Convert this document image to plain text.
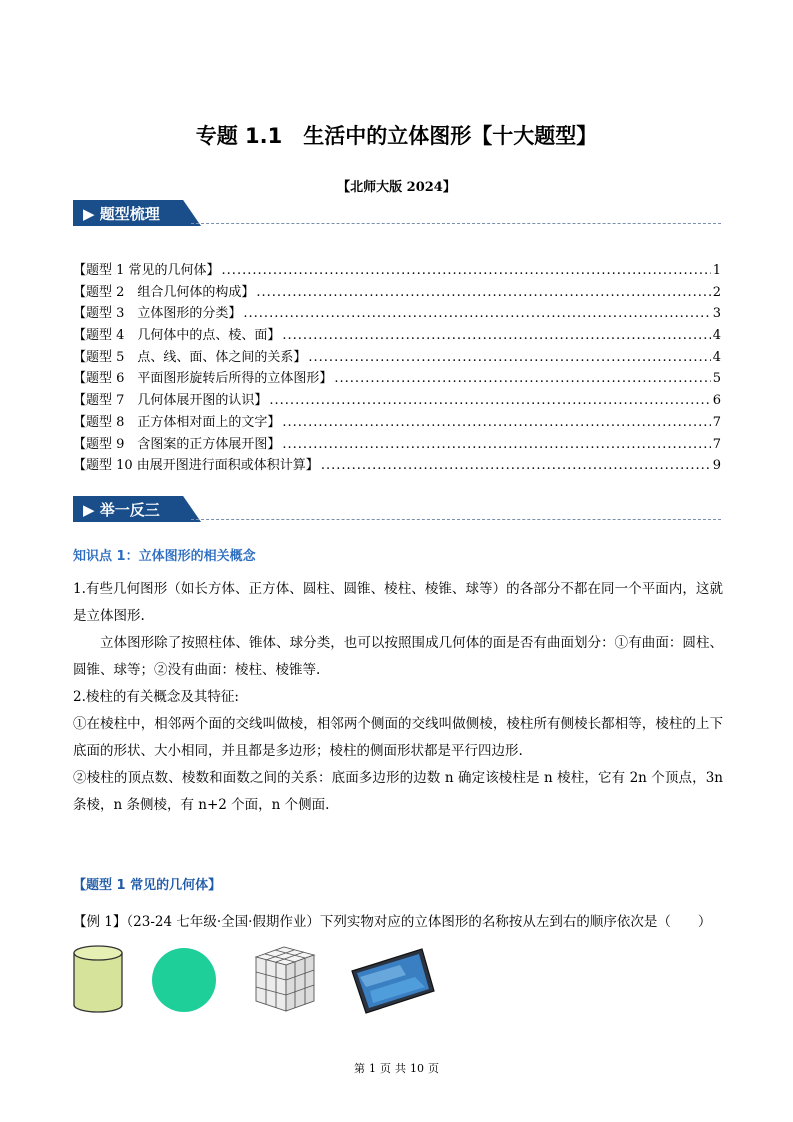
专题 1.1　生活中的立体图形【十大题型】
【北师大版 2024】
▶ 题型梳理
【题型 1 常见的几何体】 .....	1
【题型 2　组合几何体的构成】 .....	2
【题型 3　立体图形的分类】 .....	3
【题型 4　几何体中的点、棱、面】 .....	4
【题型 5　点、线、面、体之间的关系】 .....	4
【题型 6　平面图形旋转后所得的立体图形】 .....	5
【题型 7　几何体展开图的认识】 .....	6
【题型 8　正方体相对面上的文字】 .....	7
【题型 9　含图案的正方体展开图】 .....	7
【题型 10 由展开图进行面积或体积计算】 .....	9
▶ 举一反三
知识点 1：立体图形的相关概念

1.有些几何图形（如长方体、正方体、圆柱、圆锥、棱柱、棱锥、球等）的各部分不都在同一个平面内，这就是立体图形.

立体图形除了按照柱体、锥体、球分类，也可以按照围成几何体的面是否有曲面划分：①有曲面：圆柱、圆锥、球等；②没有曲面：棱柱、棱锥等.

2.棱柱的有关概念及其特征:

①在棱柱中，相邻两个面的交线叫做棱，相邻两个侧面的交线叫做侧棱，棱柱所有侧棱长都相等，棱柱的上下底面的形状、大小相同，并且都是多边形；棱柱的侧面形状都是平行四边形.

②棱柱的顶点数、棱数和面数之间的关系：底面多边形的边数 n 确定该棱柱是 n 棱柱，它有 2n 个顶点，3n 条棱，n 条侧棱，有 n+2 个面，n 个侧面.

【题型 1 常见的几何体】
【例 1】（23-24 七年级·全国·假期作业）下列实物对应的立体图形的名称按从左到右的顺序依次是（　　）
第 1 页 共 10 页
